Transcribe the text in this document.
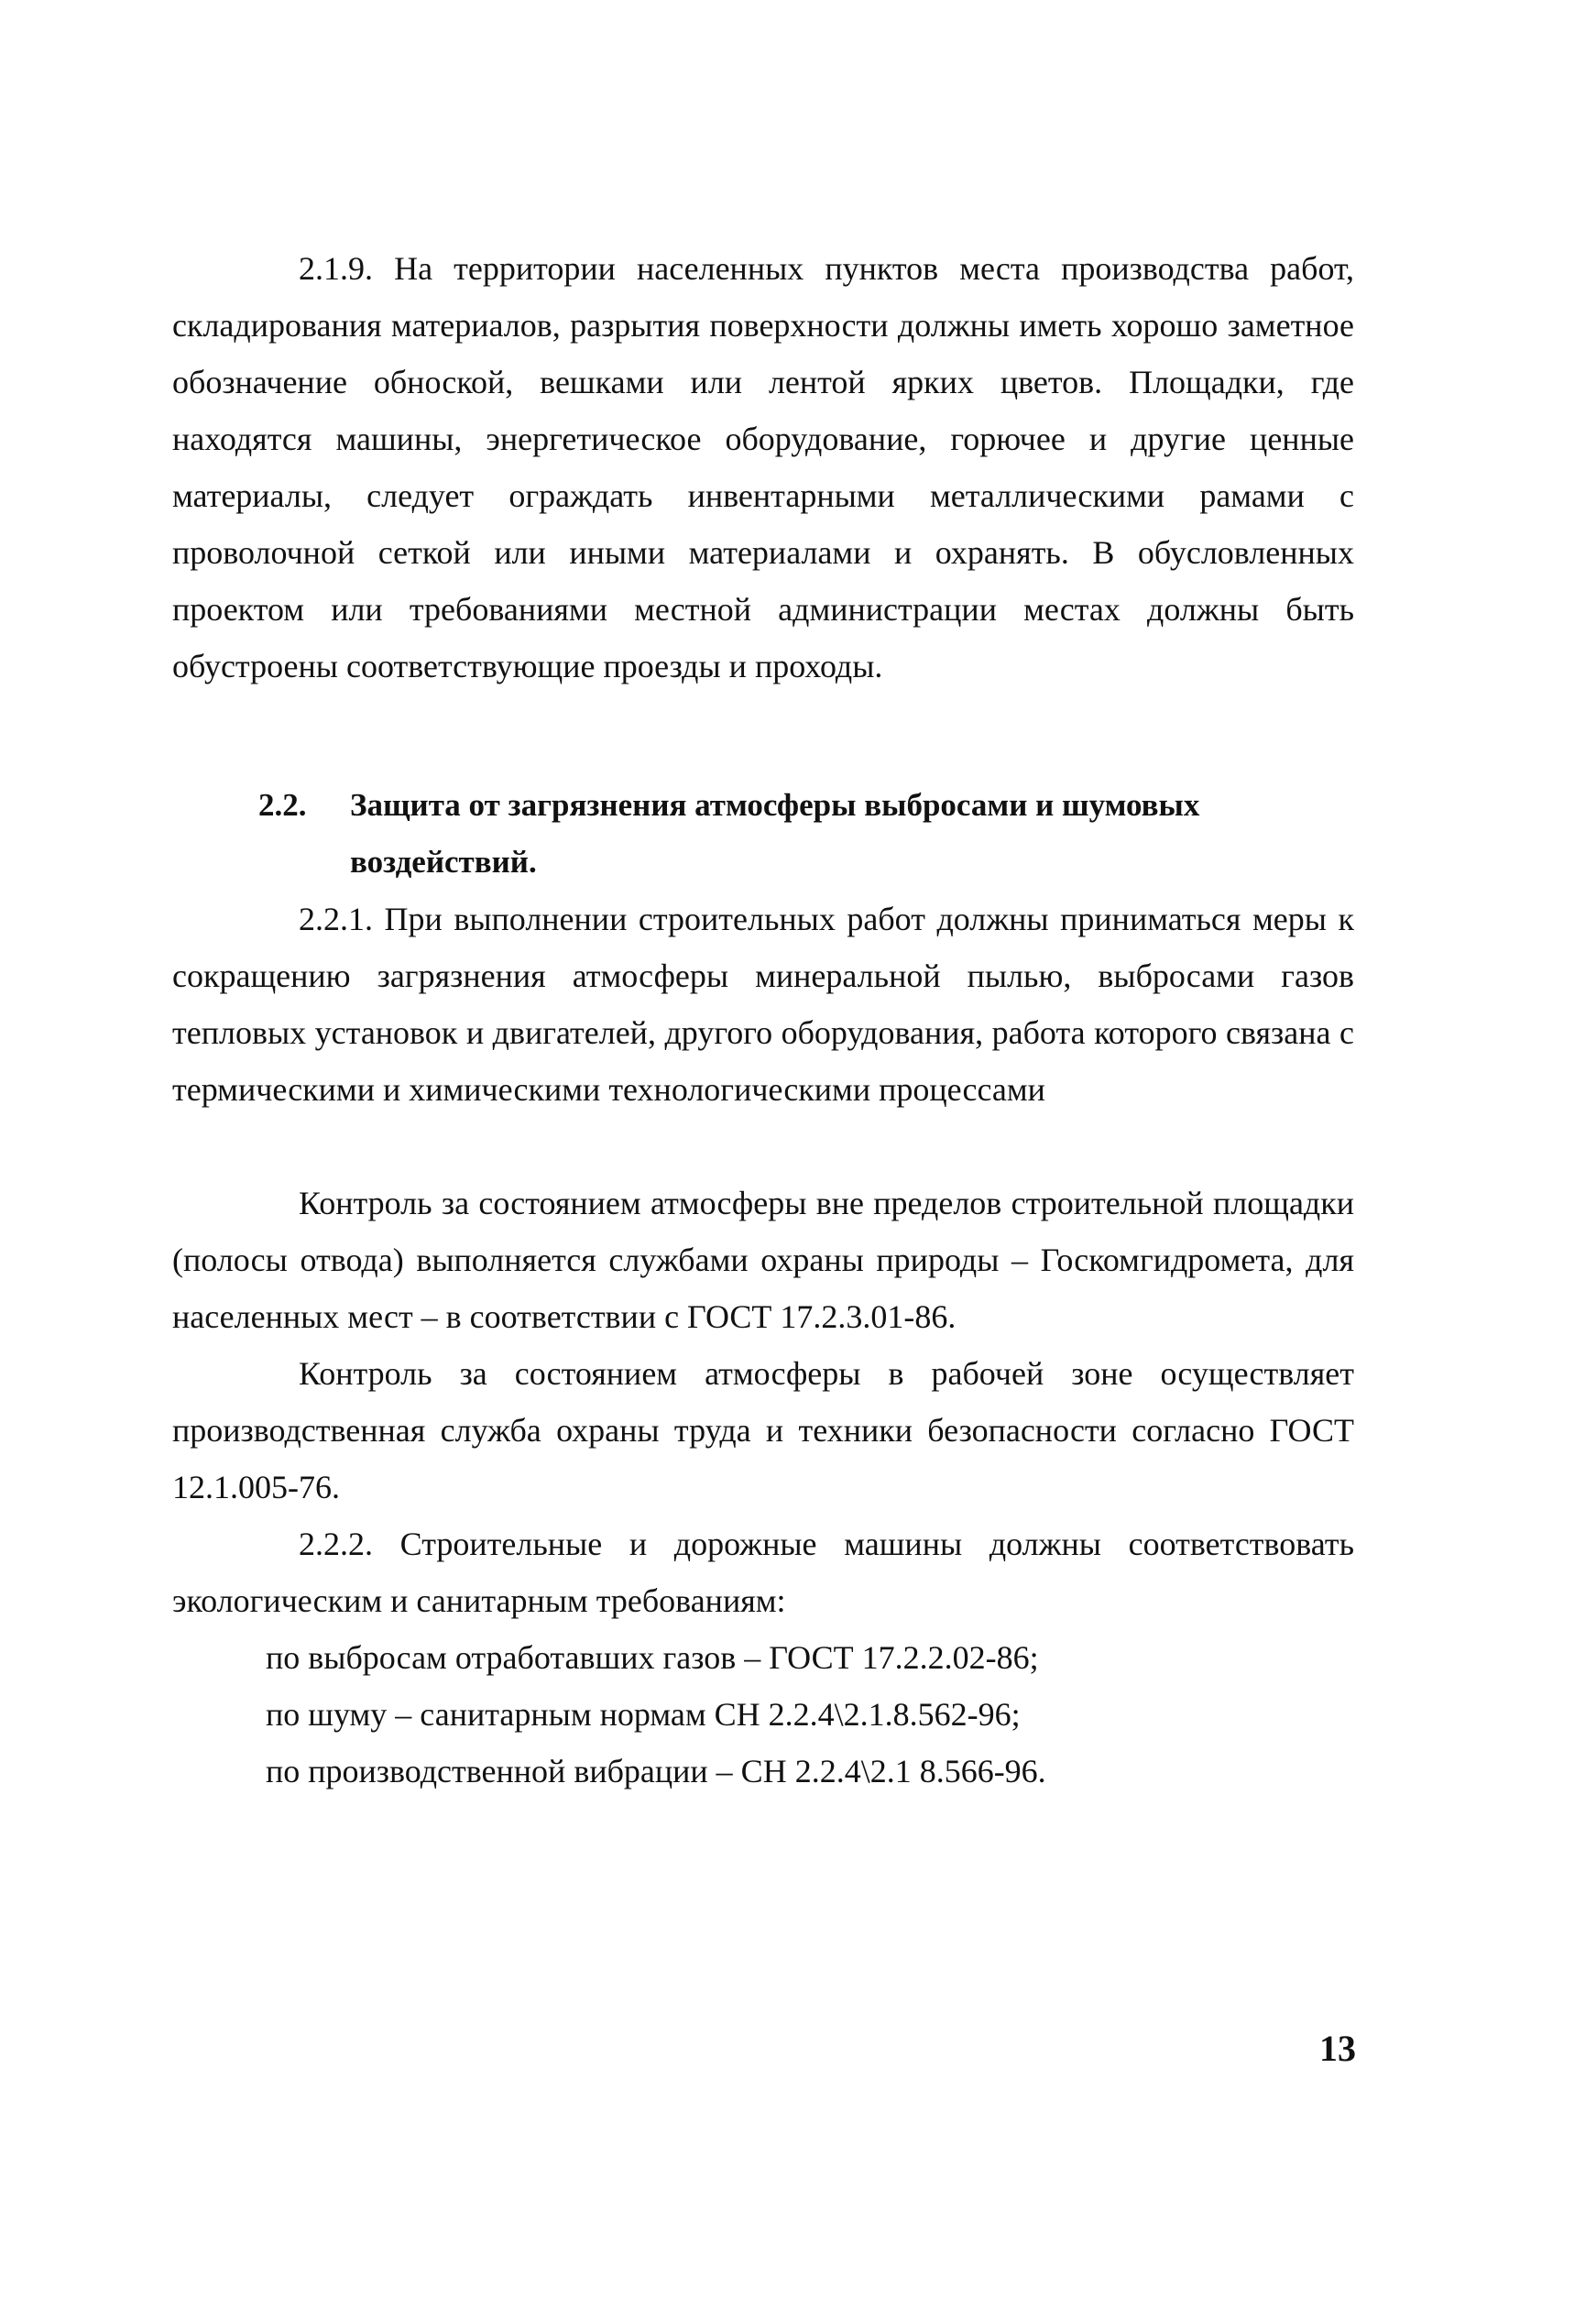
2.1.9. На территории населенных пунктов места производства работ, складирования материалов, разрытия поверхности должны иметь хорошо заметное обозначение обноской, вешками или лентой ярких цветов. Площадки, где находятся машины, энергетическое оборудование, горючее и другие ценные материалы, следует ограждать инвентарными металлическими рамами с проволочной сеткой или иными материалами и охранять. В обусловленных проектом или требованиями местной администрации местах должны быть обустроены соответствующие проезды и проходы.

2.2. Защита от загрязнения атмосферы выбросами и шумовых
воздействий.

2.2.1. При выполнении строительных работ должны приниматься меры к сокращению загрязнения атмосферы минеральной пылью, выбросами газов тепловых установок и двигателей, другого оборудования, работа которого связана с термическими и химическими технологическими процессами

Контроль за состоянием атмосферы вне пределов строительной площадки (полосы отвода) выполняется службами охраны природы – Госкомгидромета, для населенных мест – в соответствии с ГОСТ 17.2.3.01-86.

Контроль за состоянием атмосферы в рабочей зоне осуществляет производственная служба охраны труда и техники безопасности согласно ГОСТ 12.1.005-76.

2.2.2. Строительные и дорожные машины должны соответствовать экологическим и санитарным требованиям:

по выбросам отработавших газов – ГОСТ 17.2.2.02-86;

по шуму – санитарным нормам СН 2.2.4\2.1.8.562-96;

по производственной вибрации – СН 2.2.4\2.1 8.566-96.

13
